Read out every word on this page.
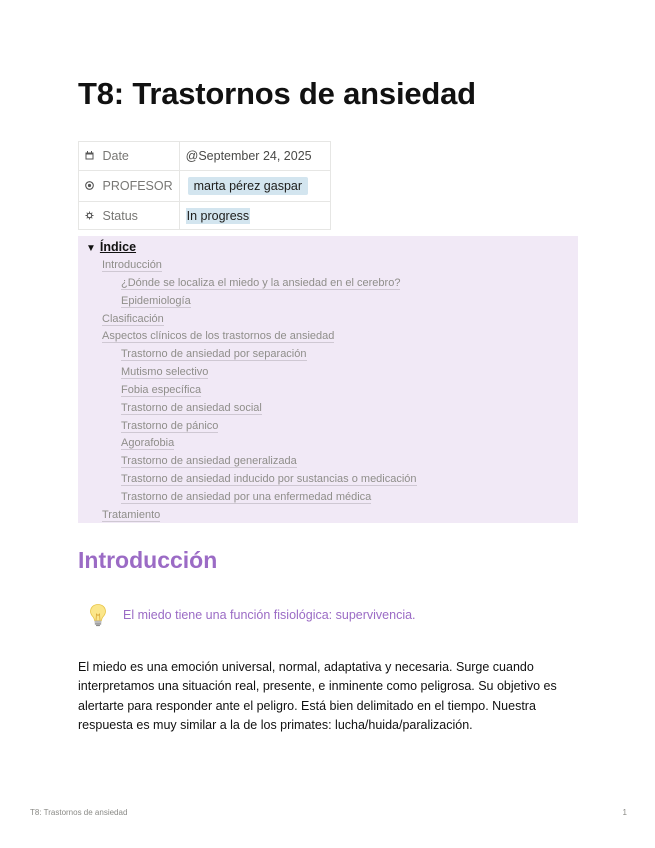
T8: Trastornos de ansiedad
Date	@September 24, 2025
PROFESOR	marta pérez gaspar
Status	In progress
▼ Índice
Introducción
¿Dónde se localiza el miedo y la ansiedad en el cerebro?
Epidemiología
Clasificación
Aspectos clínicos de los trastornos de ansiedad
Trastorno de ansiedad por separación
Mutismo selectivo
Fobia específica
Trastorno de ansiedad social
Trastorno de pánico
Agorafobia
Trastorno de ansiedad generalizada
Trastorno de ansiedad inducido por sustancias o medicación
Trastorno de ansiedad por una enfermedad médica
Tratamiento
Introducción
El miedo tiene una función fisiológica: supervivencia.
El miedo es una emoción universal, normal, adaptativa y necesaria. Surge cuando interpretamos una situación real, presente, e inminente como peligrosa. Su objetivo es alertarte para responder ante el peligro. Está bien delimitado en el tiempo. Nuestra respuesta es muy similar a la de los primates: lucha/huida/paralización.
T8: Trastornos de ansiedad	1
